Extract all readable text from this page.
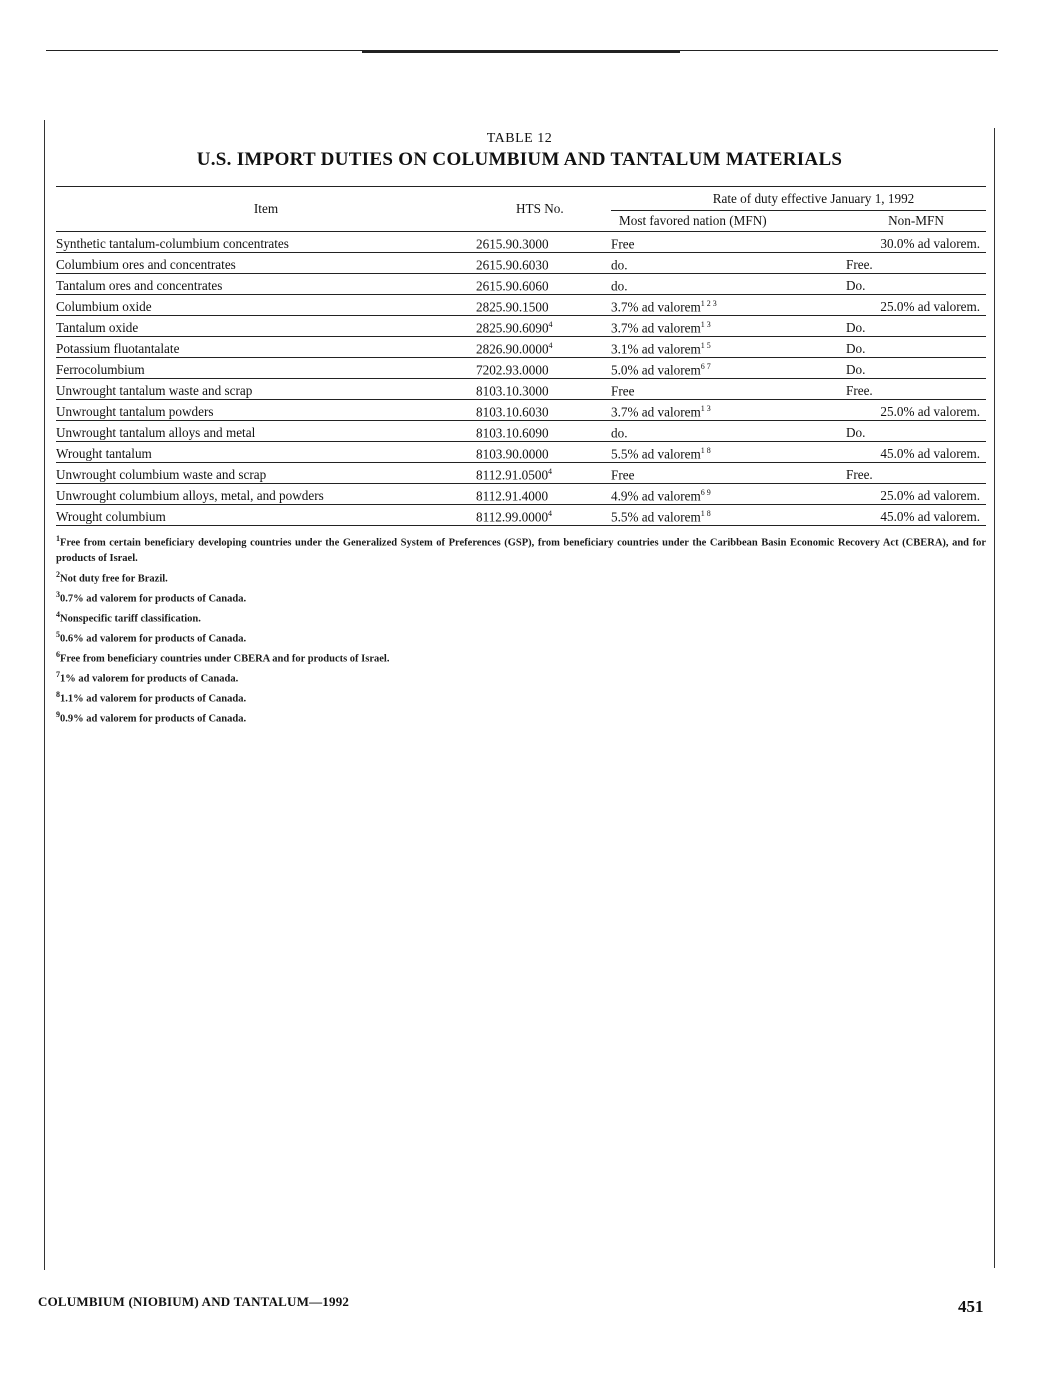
TABLE 12
U.S. IMPORT DUTIES ON COLUMBIUM AND TANTALUM MATERIALS
Item	HTS No.	Rate of duty effective January 1, 1992	
		Most favored nation (MFN)	Non-MFN
Synthetic tantalum-columbium concentrates	2615.90.3000	Free	30.0% ad valorem.
Columbium ores and concentrates	2615.90.6030	do.	Free.
Tantalum ores and concentrates	2615.90.6060	do.	Do.
Columbium oxide	2825.90.1500	3.7% ad valorem$^{1 2 3}$	25.0% ad valorem.
Tantalum oxide	2825.90.6090$^4$	3.7% ad valorem$^{1 3}$	Do.
Potassium fluotantalate	2826.90.0000$^4$	3.1% ad valorem$^{1 5}$	Do.
Ferrocolumbium	7202.93.0000	5.0% ad valorem$^{6 7}$	Do.
Unwrought tantalum waste and scrap	8103.10.3000	Free	Free.
Unwrought tantalum powders	8103.10.6030	3.7% ad valorem$^{1 3}$	25.0% ad valorem.
Unwrought tantalum alloys and metal	8103.10.6090	do.	Do.
Wrought tantalum	8103.90.0000	5.5% ad valorem$^{1 8}$	45.0% ad valorem.
Unwrought columbium waste and scrap	8112.91.0500$^4$	Free	Free.
Unwrought columbium alloys, metal, and powders	8112.91.4000	4.9% ad valorem$^{6 9}$	25.0% ad valorem.
Wrought columbium	8112.99.0000$^4$	5.5% ad valorem$^{1 8}$	45.0% ad valorem.
$^1$Free from certain beneficiary developing countries under the Generalized System of Preferences (GSP), from beneficiary countries under the Caribbean Basin Economic Recovery Act (CBERA), and for products of Israel.
$^2$Not duty free for Brazil.
$^3$0.7% ad valorem for products of Canada.
$^4$Nonspecific tariff classification.
$^5$0.6% ad valorem for products of Canada.
$^6$Free from beneficiary countries under CBERA and for products of Israel.
$^7$1% ad valorem for products of Canada.
$^8$1.1% ad valorem for products of Canada.
$^9$0.9% ad valorem for products of Canada.
COLUMBIUM (NIOBIUM) AND TANTALUM—1992	451
